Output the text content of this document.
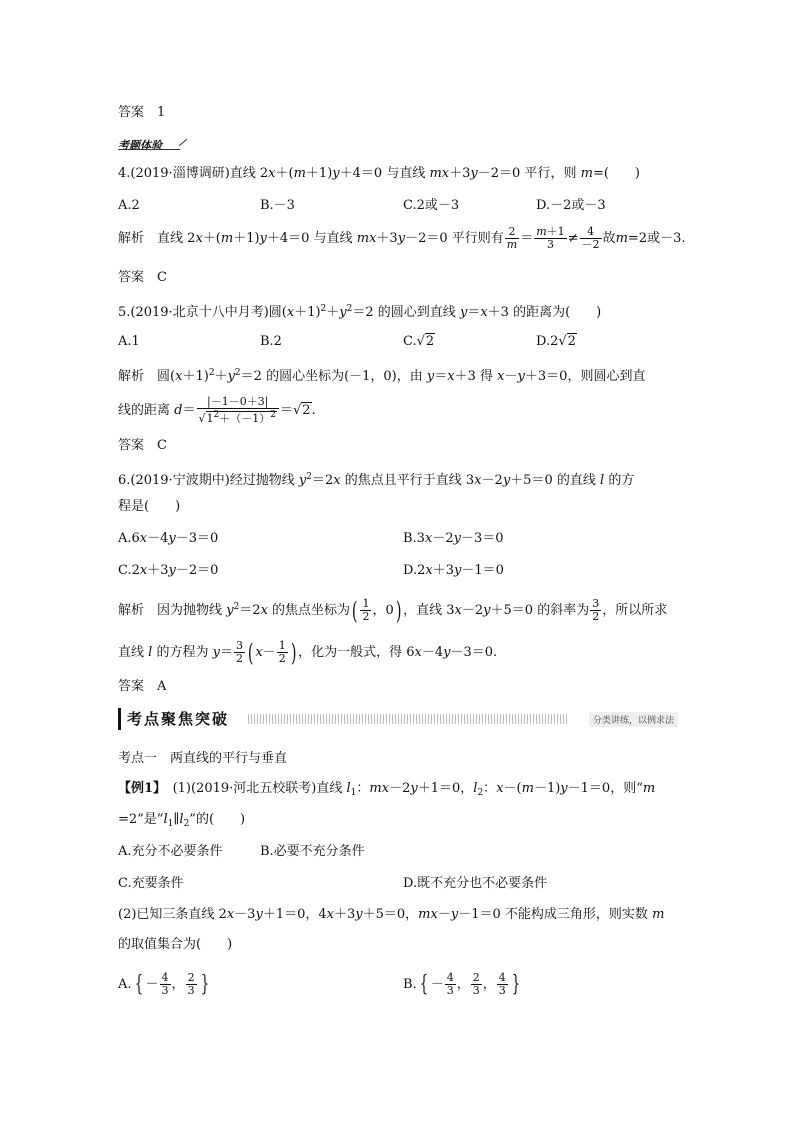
答案　1
考题体验
4.(2019·淄博调研)直线 2x＋(m＋1)y＋4＝0 与直线 mx＋3y－2＝0 平行，则 m=(　　)
A.2	B.－3	C.2或－3	D.－2或－3
解析　 直线 2x＋(m＋1)y＋4＝0 与直线 mx＋3y－2＝0 平行则有 $\frac{2}{m} = \frac{m+1}{3} \ne \frac{4}{-2}$ 故m=2或－3.
答案　C
5.(2019·北京十八中月考)圆$(x+1)^2+y^2=2$ 的圆心到直线 y＝x＋3 的距离为(　　)
A.1	B.2	C.√2	D.2√2
解析　 圆$(x+1)^2+y^2=2$ 的圆心坐标为(－1，0)，由 y＝x＋3 得 x－y＋3＝0，则圆心到直
线的距离 $d= \frac{|-1-0+3|}{√1^2+(-1)^2} =√2$.
答案　C
6.(2019·宁波期中)经过抛物线 $y^2=2x$ 的焦点且平行于直线 3x－2y＋5＝0 的直线 l 的方
程是(　　)
A.6x－4y－3＝0	B.3x－2y－3＝0
C.2x＋3y－2＝0	D.2x＋3y－1＝0
解析　 因为抛物线 $y^2=2x$ 的焦点坐标为( $\frac{1}{2}$ ，0) ，直线 3x－2y＋5＝0 的斜率为 $\frac{3}{2}$ ，所以所求
直线 l 的方程为 $y= \frac{3}{2}$ ( $x- \frac{1}{2}$ ) ，化为一般式，得 6x－4y－3＝0.
答案　A
考点聚焦突破	分类讲练，以例求法
考点一　两直线的平行与垂直
【例1】　 (1)(2019·河北五校联考)直线 $l_1$：mx－2y＋1＝0，$l_2$：x－(m－1)y－1＝0，则“m
=2”是“$l_1\parallel l_2$”的(　　)
A.充分不必要条件	B.必要不充分条件
C.充要条件	D.既不充分也不必要条件
(2)已知三条直线 2x－3y＋1＝0，4x＋3y＋5＝0，mx－y－1＝0 不能构成三角形，则实数 m
的取值集合为(　　)
A. { － $\frac{4}{3}$ ， $\frac{2}{3}$ }	B. { － $\frac{4}{3}$ ， $\frac{2}{3}$ ， $\frac{4}{3}$ }
